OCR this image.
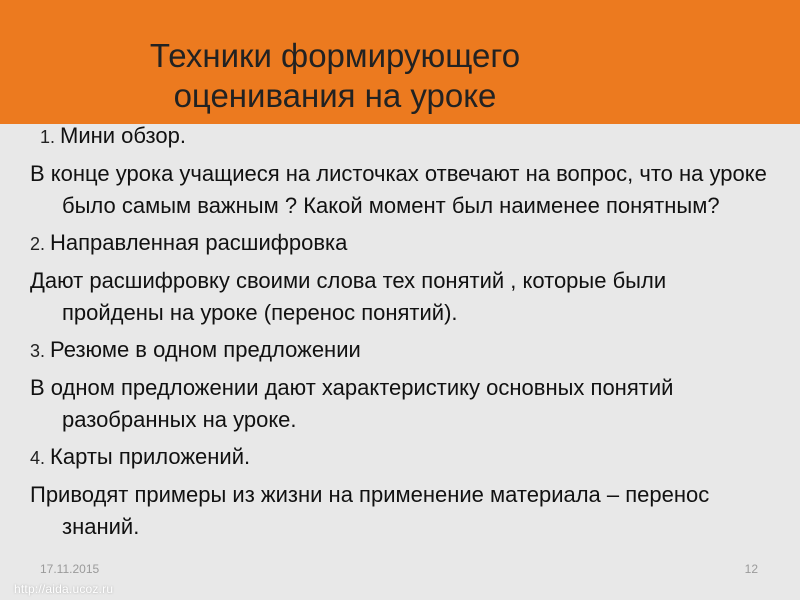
Техники формирующего
оценивания на уроке

1. Мини обзор.

В конце урока учащиеся на листочках отвечают на вопрос, что на уроке было самым важным ? Какой момент был наименее понятным?

2. Направленная расшифровка

Дают расшифровку своими слова тех понятий , которые были пройдены на уроке (перенос понятий).

3. Резюме в одном предложении

В одном предложении дают характеристику основных понятий разобранных на уроке.

4. Карты приложений.

Приводят примеры из жизни на применение материала – перенос знаний.

17.11.2015	12
http://aida.ucoz.ru
